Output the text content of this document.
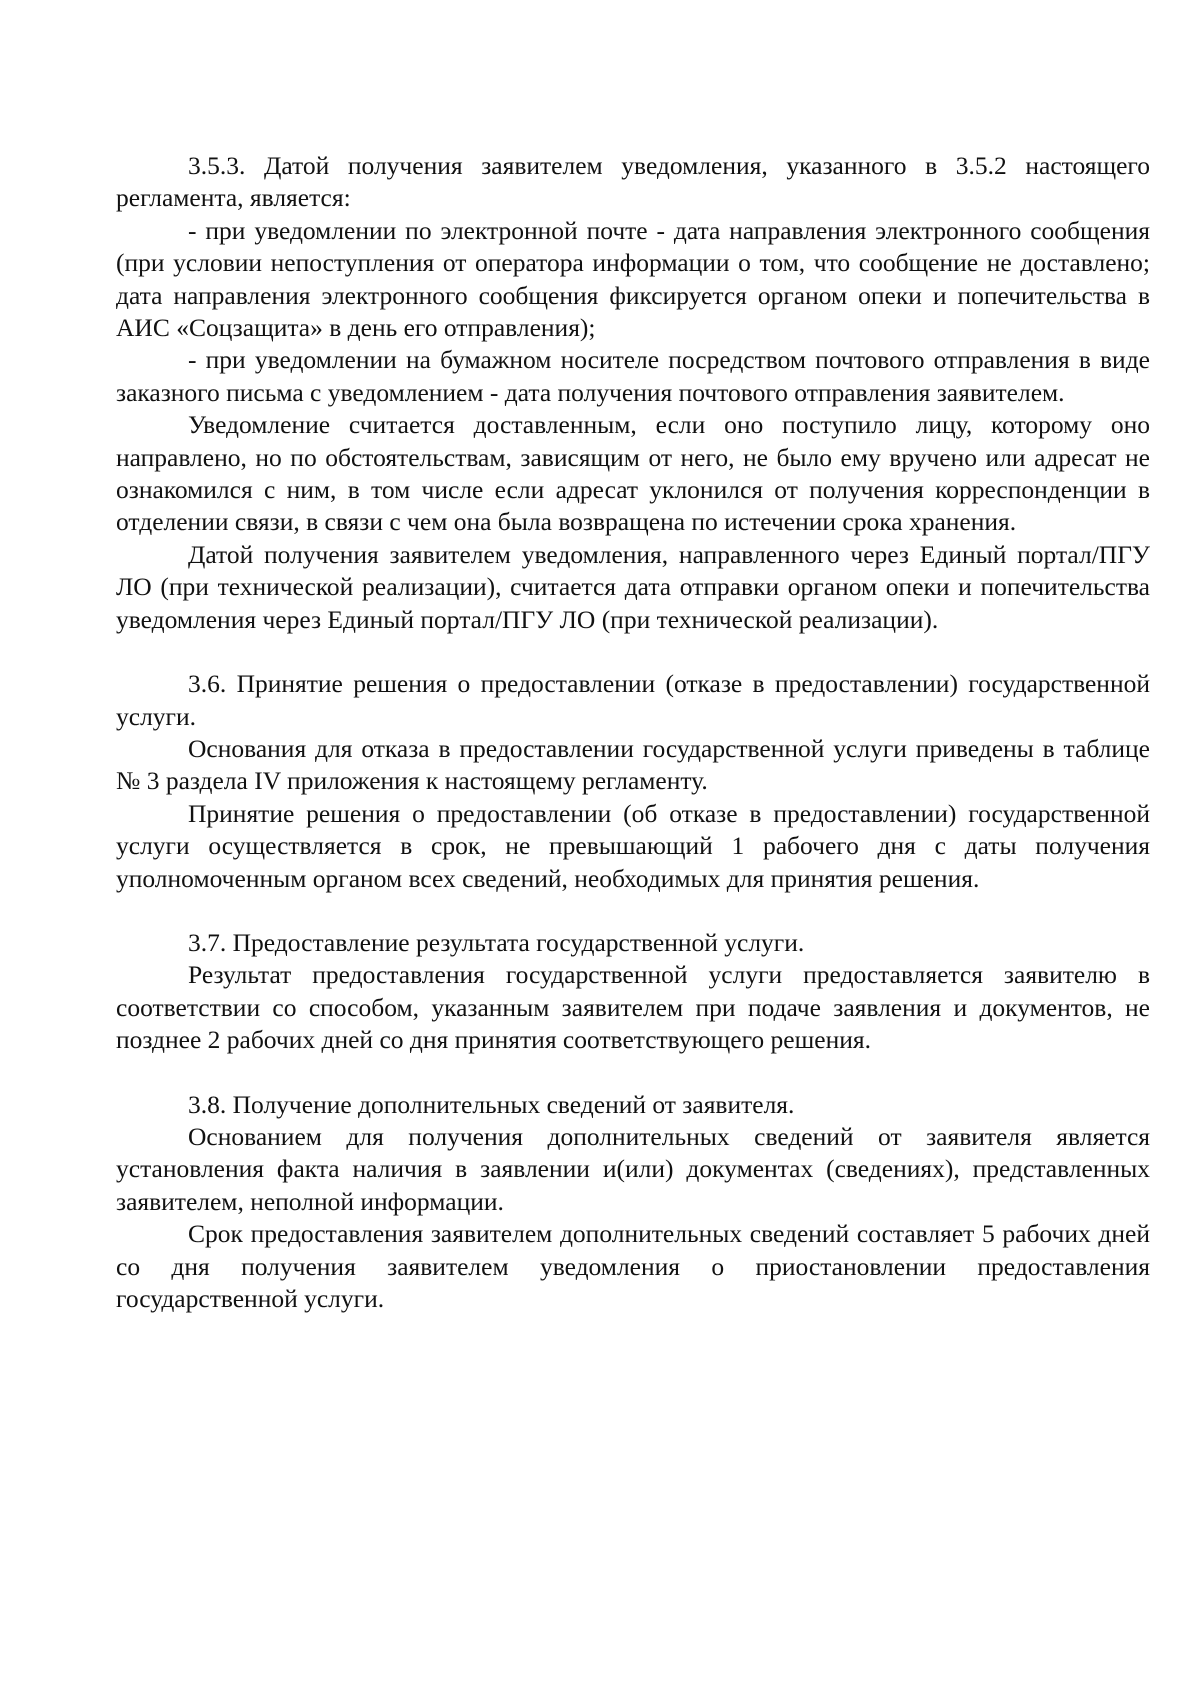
3.5.3. Датой получения заявителем уведомления, указанного в 3.5.2 настоящего регламента, является:

- при уведомлении по электронной почте - дата направления электронного сообщения (при условии непоступления от оператора информации о том, что сообщение не доставлено; дата направления электронного сообщения фиксируется органом опеки и попечительства в АИС «Соцзащита» в день его отправления);

- при уведомлении на бумажном носителе посредством почтового отправления в виде заказного письма с уведомлением - дата получения почтового отправления заявителем.

Уведомление считается доставленным, если оно поступило лицу, которому оно направлено, но по обстоятельствам, зависящим от него, не было ему вручено или адресат не ознакомился с ним, в том числе если адресат уклонился от получения корреспонденции в отделении связи, в связи с чем она была возвращена по истечении срока хранения.

Датой получения заявителем уведомления, направленного через Единый портал/ПГУ ЛО (при технической реализации), считается дата отправки органом опеки и попечительства уведомления через Единый портал/ПГУ ЛО (при технической реализации).

3.6. Принятие решения о предоставлении (отказе в предоставлении) государственной услуги.

Основания для отказа в предоставлении государственной услуги приведены в таблице № 3 раздела IV приложения к настоящему регламенту.

Принятие решения о предоставлении (об отказе в предоставлении) государственной услуги осуществляется в срок, не превышающий 1 рабочего дня с даты получения уполномоченным органом всех сведений, необходимых для принятия решения.

3.7. Предоставление результата государственной услуги.

Результат предоставления государственной услуги предоставляется заявителю в соответствии со способом, указанным заявителем при подаче заявления и документов, не позднее 2 рабочих дней со дня принятия соответствующего решения.

3.8. Получение дополнительных сведений от заявителя.

Основанием для получения дополнительных сведений от заявителя является установления факта наличия в заявлении и(или) документах (сведениях), представленных заявителем, неполной информации.

Срок предоставления заявителем дополнительных сведений составляет 5 рабочих дней со дня получения заявителем уведомления о приостановлении предоставления государственной услуги.
